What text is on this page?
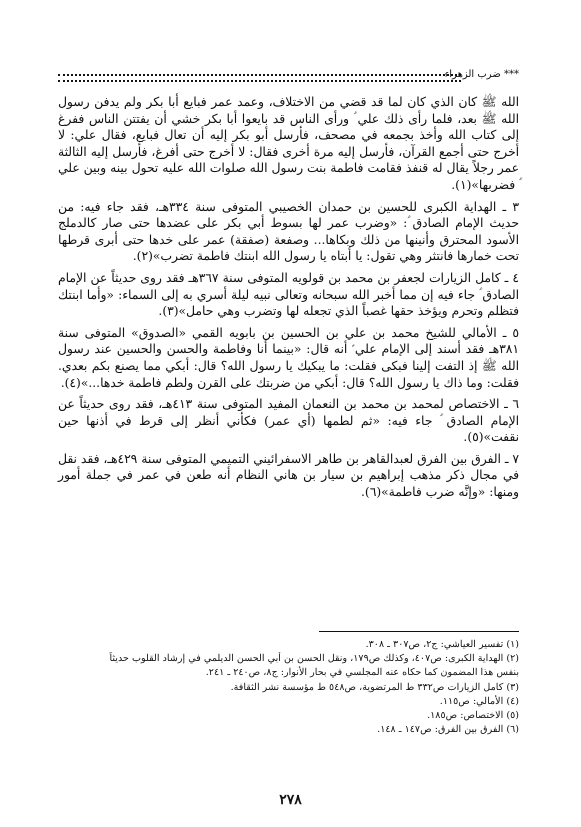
*** ضرب الزهراء

الله ﷺ كان الذي كان لما قد قضي من الاختلاف، وعمد عمر فبايع أبا بكر ولم يدفن رسول الله ﷺ بعد، فلما رأى ذلك علي ؑ ورأى الناس قد بايعوا أبا بكر خشي أن يفتتن الناس ففرغ إلى كتاب الله وأخذ بجمعه في مصحف، فأرسل أبو بكر إليه أن تعال فبايع، فقال علي: لا أخرج حتى أجمع القرآن، فأرسل إليه مرة أخرى فقال: لا أخرج حتى أفرغ، فأرسل إليه الثالثة عمر رجلاً يقال له قنفذ فقامت فاطمة بنت رسول الله صلوات الله عليه تحول بينه وبين علي ؑ فضربها»(١).

٣ ـ الهداية الكبرى للحسين بن حمدان الخصيبي المتوفى سنة ٣٣٤هـ، فقد جاء فيه: من حديث الإمام الصادق ؑ: «وضرب عمر لها بسوط أبي بكر على عضدها حتى صار كالدملج الأسود المحترق وأنينها من ذلك وبكاها... وصفعة (صفقة) عمر على خدها حتى أبرى قرطها تحت خمارها فانتثر وهي تقول: يا أبتاه يا رسول الله ابنتك فاطمة تضرب»(٢).

٤ ـ كامل الزيارات لجعفر بن محمد بن قولويه المتوفى سنة ٣٦٧هـ فقد روى حديثاً عن الإمام الصادق ؑ جاء فيه إن مما أخبر الله سبحانه وتعالى نبيه ليلة أسري به إلى السماء: «وأما ابنتك فتظلم وتحرم ويؤخذ حقها غصباً الذي تجعله لها وتضرب وهي حامل»(٣).

٥ ـ الأمالي للشيخ محمد بن علي بن الحسين بن بابويه القمي «الصدوق» المتوفى سنة ٣٨١هـ فقد أسند إلى الإمام علي ؑ أنه قال: «بينما أنا وفاطمة والحسن والحسين عند رسول الله ﷺ إذ التفت إلينا فبكى فقلت: ما يبكيك يا رسول الله؟ قال: أبكي مما يصنع بكم بعدي. فقلت: وما ذاك يا رسول الله؟ قال: أبكي من ضربتك على القرن ولطم فاطمة خدها...»(٤).

٦ ـ الاختصاص لمحمد بن محمد بن النعمان المفيد المتوفى سنة ٤١٣هـ، فقد روى حديثاً عن الإمام الصادق ؑ جاء فيه: «ثم لطمها (أي عمر) فكأني أنظر إلى قرط في أذنها حين نقفت»(٥).

٧ ـ الفرق بين الفرق لعبدالقاهر بن طاهر الاسفرائيني التميمي المتوفى سنة ٤٢٩هـ، فقد نقل في مجال ذكر مذهب إبراهيم بن سيار بن هاني النظام أنه طعن في عمر في جملة أمور ومنها: «وإنَّه ضرب فاطمة»(٦).

(١) تفسير العياشي: ج٢، ص٣٠٧ ـ ٣٠٨.
(٢) الهداية الكبرى: ص٤٠٧، وكذلك ص١٧٩، ونقل الحسن بن أبي الحسن الديلمي في إرشاد القلوب حديثاً
بنفس هذا المضمون كما حكاه عنه المجلسي في بحار الأنوار: ج٨، ص٢٤٠ ـ ٢٤١.
(٣) كامل الزيارات ص٣٣٢ ط المرتضوية، ص٥٤٨ ط مؤسسة نشر الثقافة.
(٤) الأمالي: ص١١٥.
(٥) الاختصاص: ص١٨٥.
(٦) الفرق بين الفرق: ص١٤٧ ـ ١٤٨.
٢٧٨
